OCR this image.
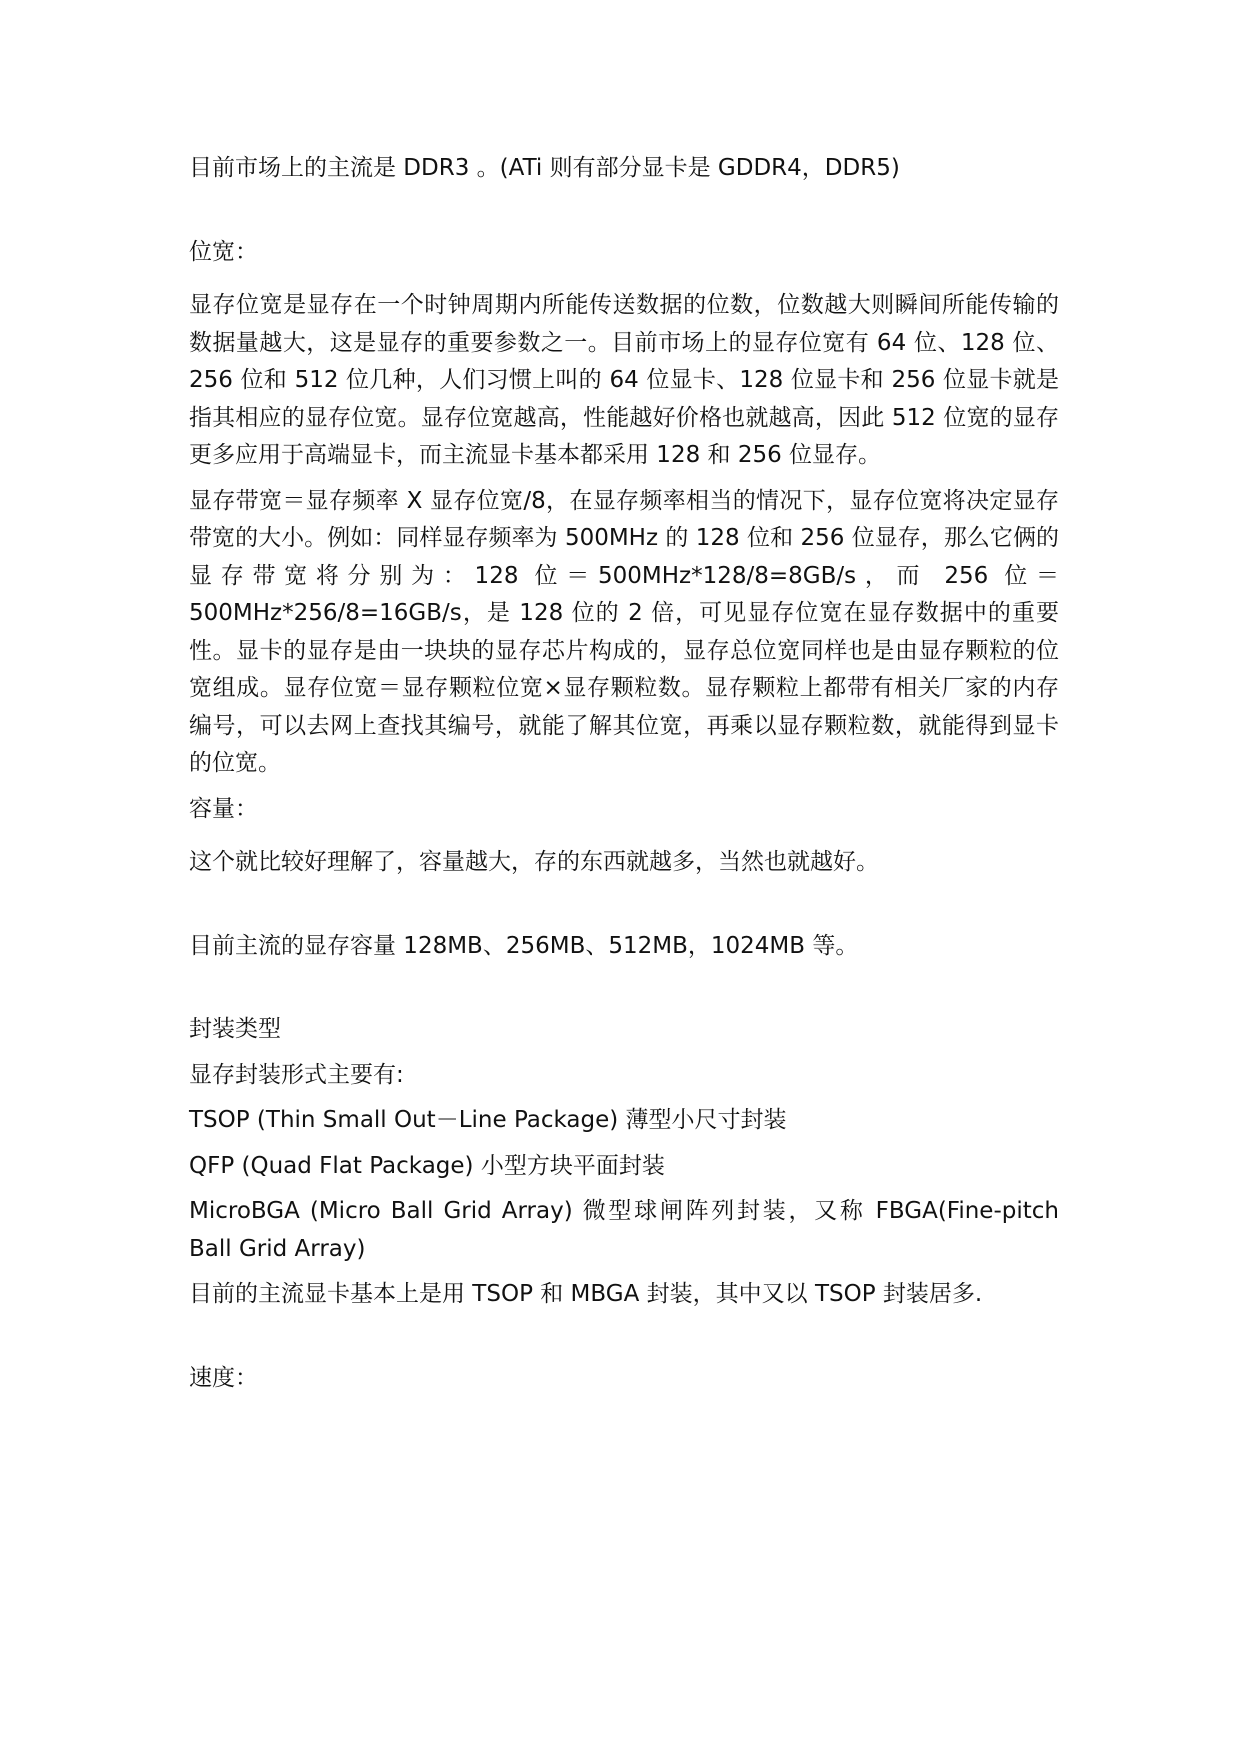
目前市场上的主流是 DDR3 。(ATi 则有部分显卡是 GDDR4，DDR5)

位宽：

显存位宽是显存在一个时钟周期内所能传送数据的位数，位数越大则瞬间所能传输的数据量越大，这是显存的重要参数之一。目前市场上的显存位宽有 64 位、128 位、256 位和 512 位几种，人们习惯上叫的 64 位显卡、128 位显卡和 256 位显卡就是指其相应的显存位宽。显存位宽越高，性能越好价格也就越高，因此 512 位宽的显存更多应用于高端显卡，而主流显卡基本都采用 128 和 256 位显存。

显存带宽＝显存频率 X 显存位宽/8，在显存频率相当的情况下，显存位宽将决定显存带宽的大小。例如：同样显存频率为 500MHz 的 128 位和 256 位显存，那么它俩的显存带宽将分别为：128 位＝500MHz*128/8=8GB/s，而 256 位＝500MHz*256/8=16GB/s，是 128 位的 2 倍，可见显存位宽在显存数据中的重要性。显卡的显存是由一块块的显存芯片构成的，显存总位宽同样也是由显存颗粒的位宽组成。显存位宽＝显存颗粒位宽×显存颗粒数。显存颗粒上都带有相关厂家的内存编号，可以去网上查找其编号，就能了解其位宽，再乘以显存颗粒数，就能得到显卡的位宽。

容量：

这个就比较好理解了，容量越大，存的东西就越多，当然也就越好。

目前主流的显存容量 128MB、256MB、512MB，1024MB 等。

封装类型

显存封装形式主要有:

TSOP (Thin Small Out－Line Package) 薄型小尺寸封装

QFP (Quad Flat Package) 小型方块平面封装

MicroBGA (Micro Ball Grid Array) 微型球闸阵列封装，又称 FBGA(Fine-pitch Ball Grid Array)

目前的主流显卡基本上是用 TSOP 和 MBGA 封装，其中又以 TSOP 封装居多.

速度：
